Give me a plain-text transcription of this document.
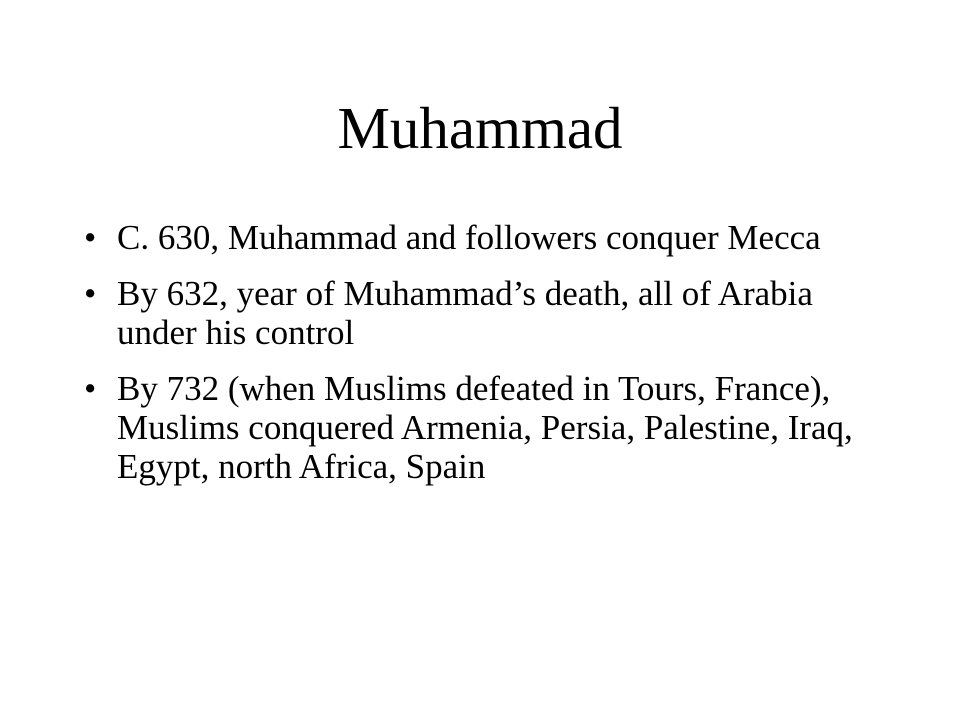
Muhammad
• C. 630, Muhammad and followers conquer Mecca
• By 632, year of Muhammad’s death, all of Arabia under his control
• By 732 (when Muslims defeated in Tours, France), Muslims conquered Armenia, Persia, Palestine, Iraq, Egypt, north Africa, Spain
